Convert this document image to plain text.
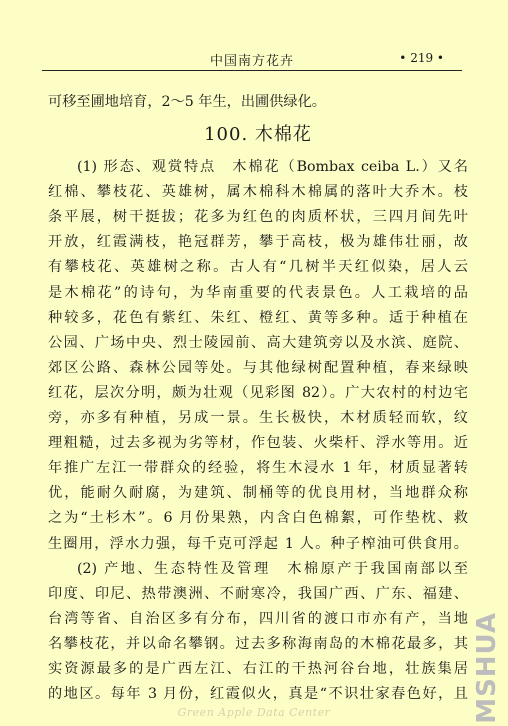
中国南方花卉	• 219 •
可移至圃地培育，2～5 年生，出圃供绿化。
100. 木棉花

(1) 形态、观赏特点　木棉花（Bombax ceiba L.）又名
红棉、攀枝花、英雄树，属木棉科木棉属的落叶大乔木。枝
条平展，树干挺拔；花多为红色的肉质杯状，三四月间先叶
开放，红霞满枝，艳冠群芳，攀于高枝，极为雄伟壮丽，故
有攀枝花、英雄树之称。古人有“几树半天红似染，居人云
是木棉花”的诗句，为华南重要的代表景色。人工栽培的品
种较多，花色有紫红、朱红、橙红、黄等多种。适于种植在
公园、广场中央、烈士陵园前、高大建筑旁以及水滨、庭院、
郊区公路、森林公园等处。与其他绿树配置种植，春来绿映
红花，层次分明，颇为壮观（见彩图 82）。广大农村的村边宅
旁，亦多有种植，另成一景。生长极快，木材质轻而软，纹
理粗糙，过去多视为劣等材，作包装、火柴杆、浮水等用。近
年推广左江一带群众的经验，将生木浸水 1 年，材质显著转
优，能耐久耐腐，为建筑、制桶等的优良用材，当地群众称
之为“土杉木”。6 月份果熟，内含白色棉絮，可作垫枕、救
生圈用，浮水力强，每千克可浮起 1 人。种子榨油可供食用。

(2) 产地、生态特性及管理　木棉原产于我国南部以至
印度、印尼、热带澳洲、不耐寒冷，我国广西、广东、福建、
台湾等省、自治区多有分布，四川省的渡口市亦有产，当地
名攀枝花，并以命名攀钢。过去多称海南岛的木棉花最多，其
实资源最多的是广西左江、右江的干热河谷台地，壮族集居
的地区。每年 3 月份，红霞似火，真是“不识壮家春色好，且 MSHUA
Green Apple Data Center
